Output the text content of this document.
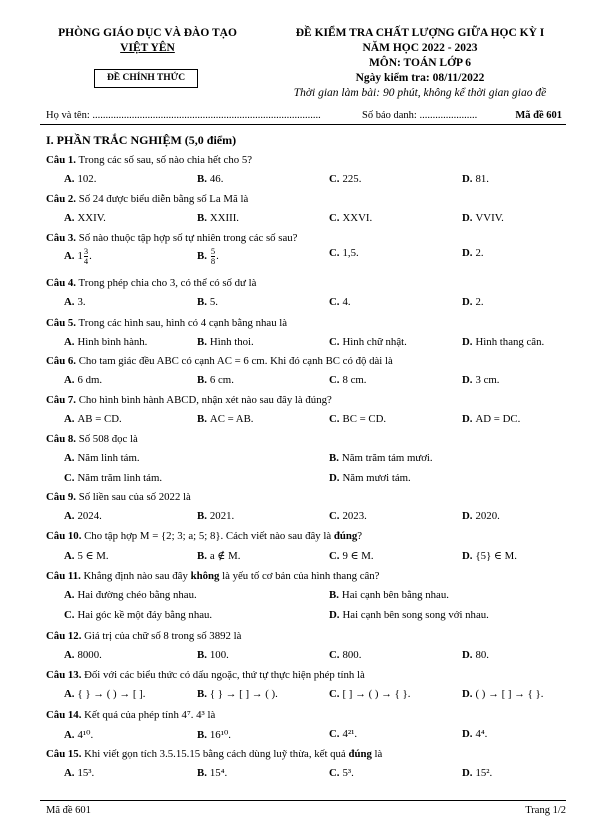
PHÒNG GIÁO DỤC VÀ ĐÀO TẠO
VIỆT YÊN
ĐỀ CHÍNH THỨC
ĐỀ KIỂM TRA CHẤT LƯỢNG GIỮA HỌC KỲ I
NĂM HỌC 2022 - 2023
MÔN: TOÁN LỚP 6
Ngày kiểm tra: 08/11/2022
Thời gian làm bài: 90 phút, không kể thời gian giao đề
Họ và tên: .......................................................................................	Số báo danh: ......................	Mã đề 601
I. PHẦN TRẮC NGHIỆM (5,0 điểm)
Câu 1. Trong các số sau, số nào chia hết cho 5?
A. 102.	B. 46.	C. 225.	D. 81.
Câu 2. Số 24 được biểu diễn bằng số La Mã là
A. XXIV.	B. XXIII.	C. XXVI.	D. VVIV.
Câu 3. Số nào thuộc tập hợp số tự nhiên trong các số sau?
A. $1 \frac{3}{4}$ .	B. $\frac{5}{8}$ .	C. 1,5.	D. 2.
Câu 4. Trong phép chia cho 3, có thể có số dư là
A. 3.	B. 5.	C. 4.	D. 2.
Câu 5. Trong các hình sau, hình có 4 cạnh bằng nhau là
A. Hình bình hành.	B. Hình thoi.	C. Hình chữ nhật.	D. Hình thang cân.
Câu 6. Cho tam giác đều ABC có cạnh AC = 6 cm. Khi đó cạnh BC có độ dài là
A. 6 dm.	B. 6 cm.	C. 8 cm.	D. 3 cm.
Câu 7. Cho hình bình hành ABCD, nhận xét nào sau đây là đúng?
A. AB = CD.	B. AC = AB.	C. BC = CD.	D. AD = DC.
Câu 8. Số 508 đọc là
A. Năm linh tám.	B. Năm trăm tám mươi.
C. Năm trăm linh tám.	D. Năm mươi tám.
Câu 9. Số liền sau của số 2022 là
A. 2024.	B. 2021.	C. 2023.	D. 2020.
Câu 10. Cho tập hợp M = {2; 3; a; 5; 8}. Cách viết nào sau đây là đúng?
A. 5 ∈ M.	B. a ∉ M.	C. 9 ∈ M.	D. {5} ∈ M.
Câu 11. Khẳng định nào sau đây không là yếu tố cơ bản của hình thang cân?
A. Hai đường chéo bằng nhau.	B. Hai cạnh bên bằng nhau.
C. Hai góc kề một đáy bằng nhau.	D. Hai cạnh bên song song với nhau.
Câu 12. Giá trị của chữ số 8 trong số 3892 là
A. 8000.	B. 100.	C. 800.	D. 80.
Câu 13. Đối với các biểu thức có dấu ngoặc, thứ tự thực hiện phép tính là
A. { } → ( ) → [ ].	B. { } → [ ] → ( ).	C. [ ] → ( ) → { }.	D. ( ) → [ ] → { }.
Câu 14. Kết quả của phép tính 4⁷. 4³ là
A. 4¹⁰.	B. 16¹⁰.	C. 4²¹.	D. 4⁴.
Câu 15. Khi viết gọn tích 3.5.15.15 bằng cách dùng luỹ thừa, kết quả đúng là
A. 15³.	B. 15⁴.	C. 5³.	D. 15².
Mã đề 601	Trang 1/2
